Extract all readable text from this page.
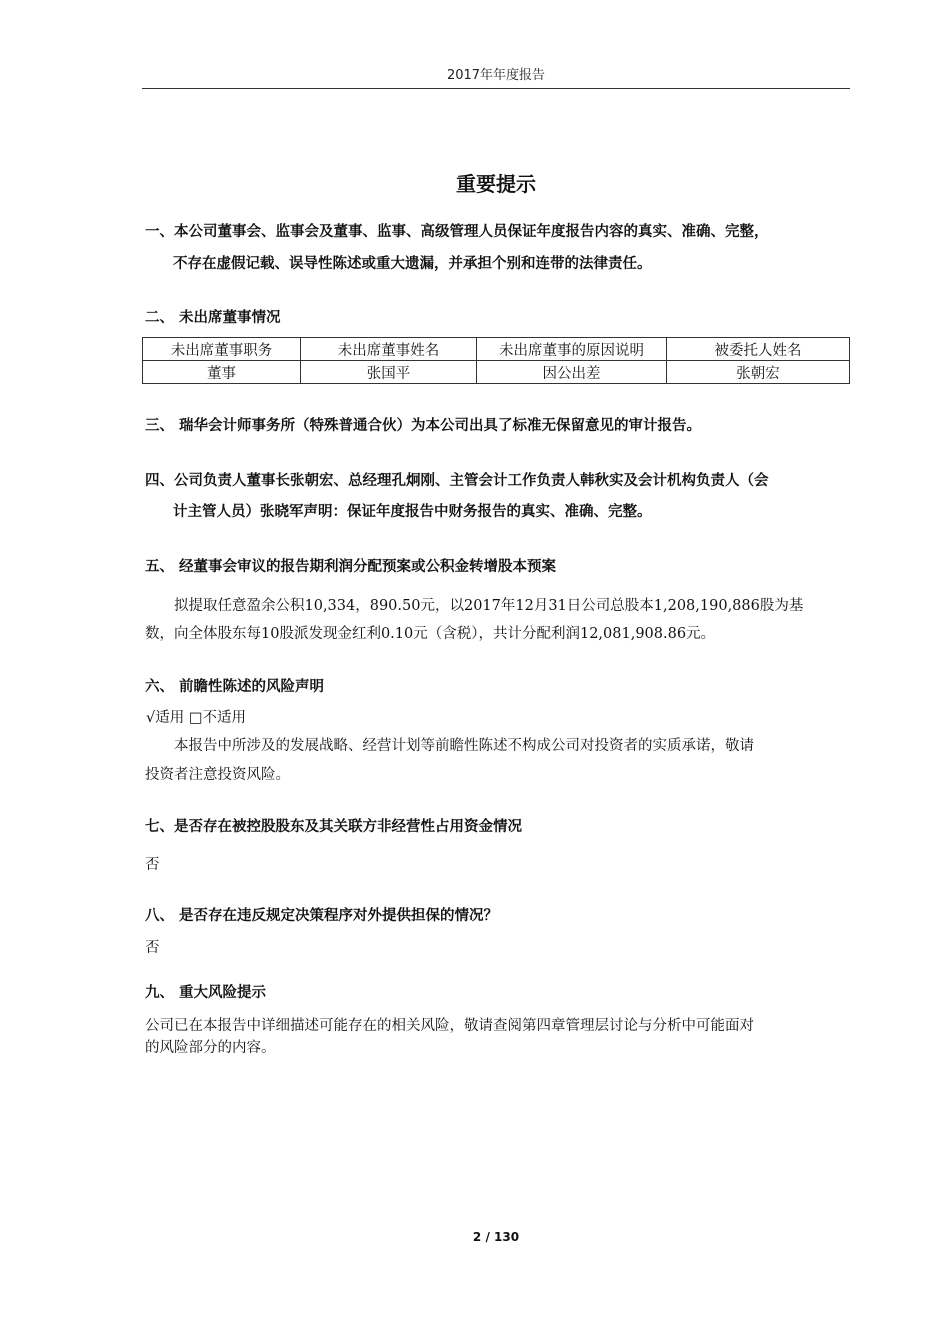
2017年年度报告
重要提示
一、本公司董事会、监事会及董事、监事、高级管理人员保证年度报告内容的真实、准确、完整，
不存在虚假记载、误导性陈述或重大遗漏，并承担个别和连带的法律责任。
二、 未出席董事情况
未出席董事职务	未出席董事姓名	未出席董事的原因说明	被委托人姓名
董事	张国平	因公出差	张朝宏
三、 瑞华会计师事务所（特殊普通合伙）为本公司出具了标准无保留意见的审计报告。
四、公司负责人董事长张朝宏、总经理孔炯刚、主管会计工作负责人韩秋实及会计机构负责人（会
计主管人员）张晓军声明：保证年度报告中财务报告的真实、准确、完整。
五、 经董事会审议的报告期利润分配预案或公积金转增股本预案
拟提取任意盈余公积10,334，890.50元，以2017年12月31日公司总股本1,208,190,886股为基
数，向全体股东每10股派发现金红利0.10元（含税），共计分配利润12,081,908.86元。
六、 前瞻性陈述的风险声明
√适用 □不适用
本报告中所涉及的发展战略、经营计划等前瞻性陈述不构成公司对投资者的实质承诺，敬请
投资者注意投资风险。
七、是否存在被控股股东及其关联方非经营性占用资金情况
否
八、 是否存在违反规定决策程序对外提供担保的情况？
否
九、 重大风险提示
公司已在本报告中详细描述可能存在的相关风险，敬请查阅第四章管理层讨论与分析中可能面对
的风险部分的内容。
2 / 130
